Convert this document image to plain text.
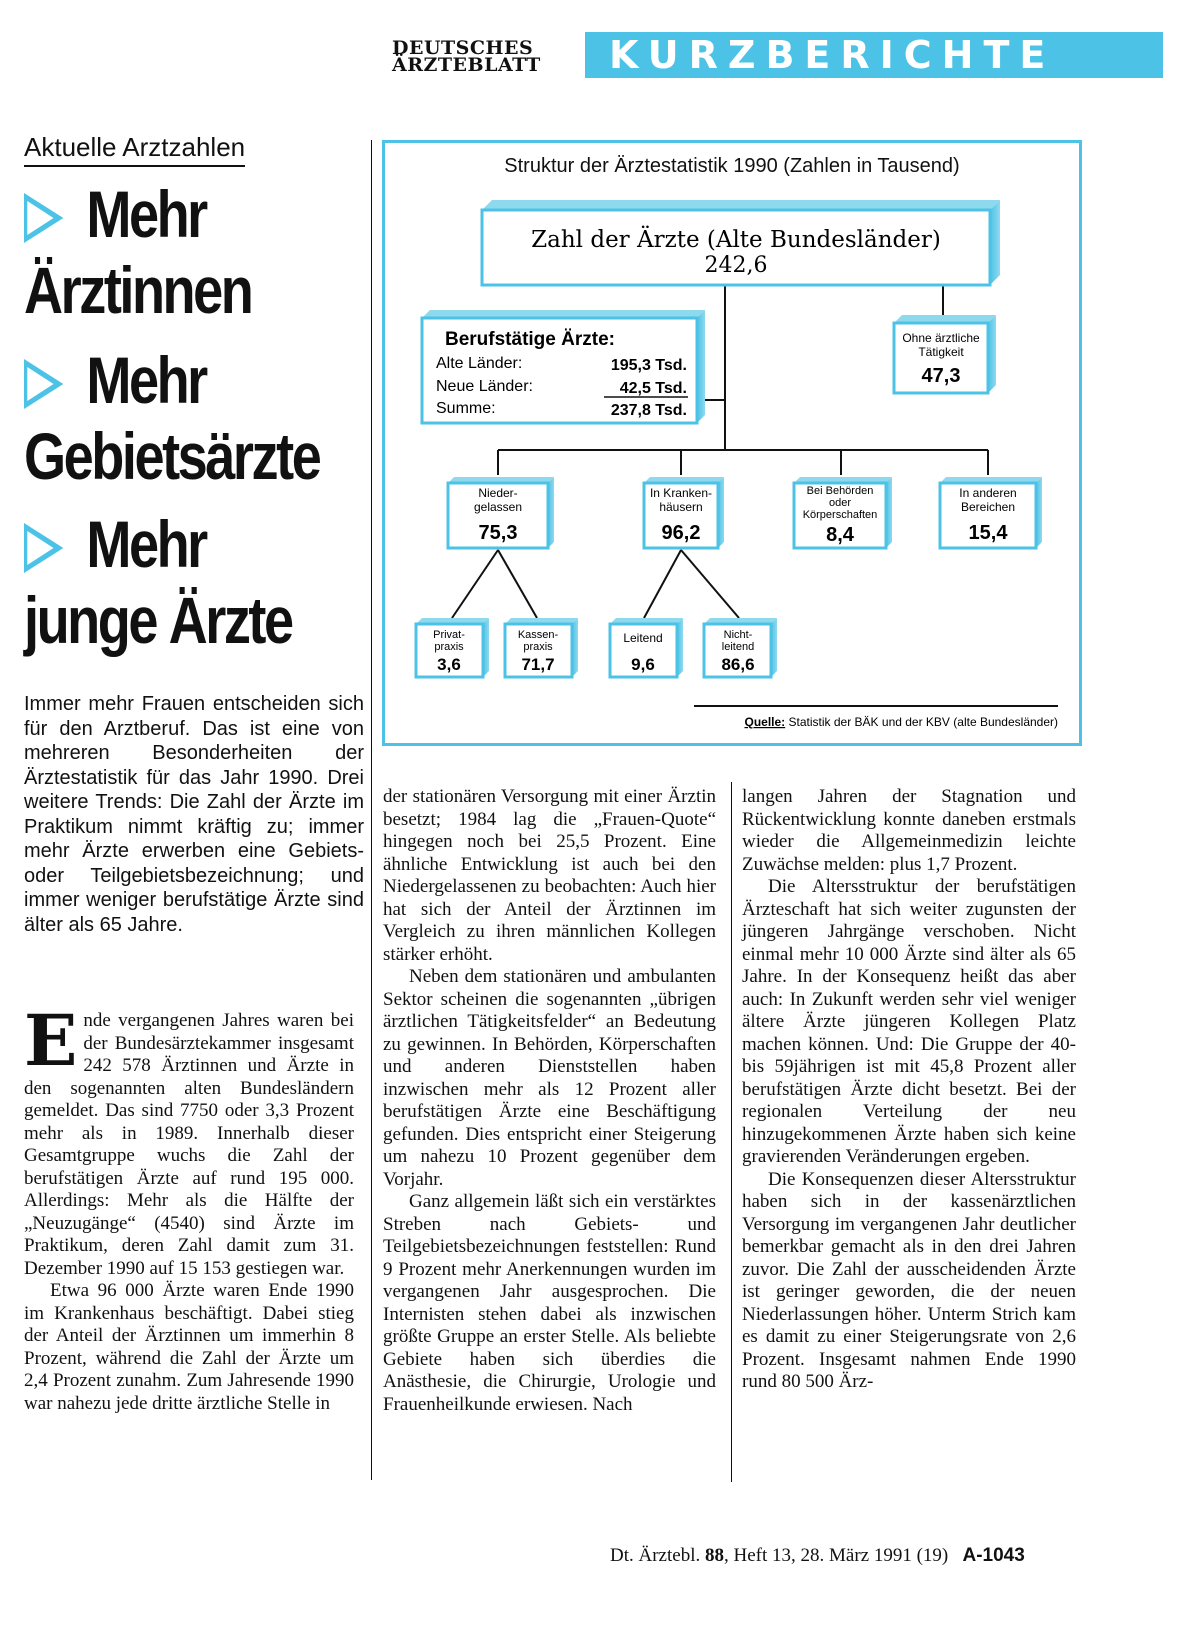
DEUTSCHES
ÄRZTEBLATT	KURZBERICHTE
Aktuelle Arztzahlen
Mehr
Ärztinnen
Mehr
Gebietsärzte
Mehr
junge Ärzte
Immer mehr Frauen entscheiden sich für den Arztberuf. Das ist eine von mehreren Besonderheiten der Ärztestatistik für das Jahr 1990. Drei weitere Trends: Die Zahl der Ärzte im Praktikum nimmt kräftig zu; immer mehr Ärzte erwerben eine Gebiets- oder Teilgebietsbezeichnung; und immer weniger berufstätige Ärzte sind älter als 65 Jahre.

Ende vergangenen Jahres waren bei der Bundesärztekammer insgesamt 242 578 Ärztinnen und Ärzte in den sogenannten alten Bundesländern gemeldet. Das sind 7750 oder 3,3 Prozent mehr als in 1989. Innerhalb dieser Gesamtgruppe wuchs die Zahl der berufstätigen Ärzte auf rund 195 000. Allerdings: Mehr als die Hälfte der „Neuzugänge“ (4540) sind Ärzte im Praktikum, deren Zahl damit zum 31. Dezember 1990 auf 15 153 gestiegen war.

Etwa 96 000 Ärzte waren Ende 1990 im Krankenhaus beschäftigt. Dabei stieg der Anteil der Ärztinnen um immerhin 8 Prozent, während die Zahl der Ärzte um 2,4 Prozent zunahm. Zum Jahresende 1990 war nahezu jede dritte ärztliche Stelle in

der stationären Versorgung mit einer Ärztin besetzt; 1984 lag die „Frauen-Quote“ hingegen noch bei 25,5 Prozent. Eine ähnliche Entwicklung ist auch bei den Niedergelassenen zu beobachten: Auch hier hat sich der Anteil der Ärztinnen im Vergleich zu ihren männlichen Kollegen stärker erhöht.

Neben dem stationären und ambulanten Sektor scheinen die sogenannten „übrigen ärztlichen Tätigkeitsfelder“ an Bedeutung zu gewinnen. In Behörden, Körperschaften und anderen Dienststellen haben inzwischen mehr als 12 Prozent aller berufstätigen Ärzte eine Beschäftigung gefunden. Dies entspricht einer Steigerung um nahezu 10 Prozent gegenüber dem Vorjahr.

Ganz allgemein läßt sich ein verstärktes Streben nach Gebiets- und Teilgebietsbezeichnungen feststellen: Rund 9 Prozent mehr Anerkennungen wurden im vergangenen Jahr ausgesprochen. Die Internisten stehen dabei als inzwischen größte Gruppe an erster Stelle. Als beliebte Gebiete haben sich überdies die Anästhesie, die Chirurgie, Urologie und Frauenheilkunde erwiesen. Nach

langen Jahren der Stagnation und Rückentwicklung konnte daneben erstmals wieder die Allgemeinmedizin leichte Zuwächse melden: plus 1,7 Prozent.

Die Altersstruktur der berufstätigen Ärzteschaft hat sich weiter zugunsten der jüngeren Jahrgänge verschoben. Nicht einmal mehr 10 000 Ärzte sind älter als 65 Jahre. In der Konsequenz heißt das aber auch: In Zukunft werden sehr viel weniger ältere Ärzte jüngeren Kollegen Platz machen können. Und: Die Gruppe der 40- bis 59jährigen ist mit 45,8 Prozent aller berufstätigen Ärzte dicht besetzt. Bei der regionalen Verteilung der neu hinzugekommenen Ärzte haben sich keine gravierenden Veränderungen ergeben.

Die Konsequenzen dieser Altersstruktur haben sich in der kassenärztlichen Versorgung im vergangenen Jahr deutlicher bemerkbar gemacht als in den drei Jahren zuvor. Die Zahl der ausscheidenden Ärzte ist geringer geworden, die der neuen Niederlassungen höher. Unterm Strich kam es damit zu einer Steigerungsrate von 2,6 Prozent. Insgesamt nahmen Ende 1990 rund 80 500 Ärz-

Struktur der Ärztestatistik 1990 (Zahlen in Tausend)
Zahl der Ärzte (Alte Bundesländer)
242,6
Berufstätige Ärzte:
Alte Länder:	195,3 Tsd.
Neue Länder:	42,5 Tsd.
Summe:	237,8 Tsd.
Ohne ärztliche
Tätigkeit
47,3
Nieder-
gelassen
75,3
In Kranken-
häusern
96,2
Bei Behörden
oder
Körperschaften
8,4
In anderen
Bereichen
15,4
Privat-
praxis
3,6
Kassen-
praxis
71,7
Leitend
9,6
Nicht-
leitend
86,6
Quelle: Statistik der BÄK und der KBV (alte Bundesländer)
Dt. Ärztebl. 88, Heft 13, 28. März 1991 (19) A-1043
